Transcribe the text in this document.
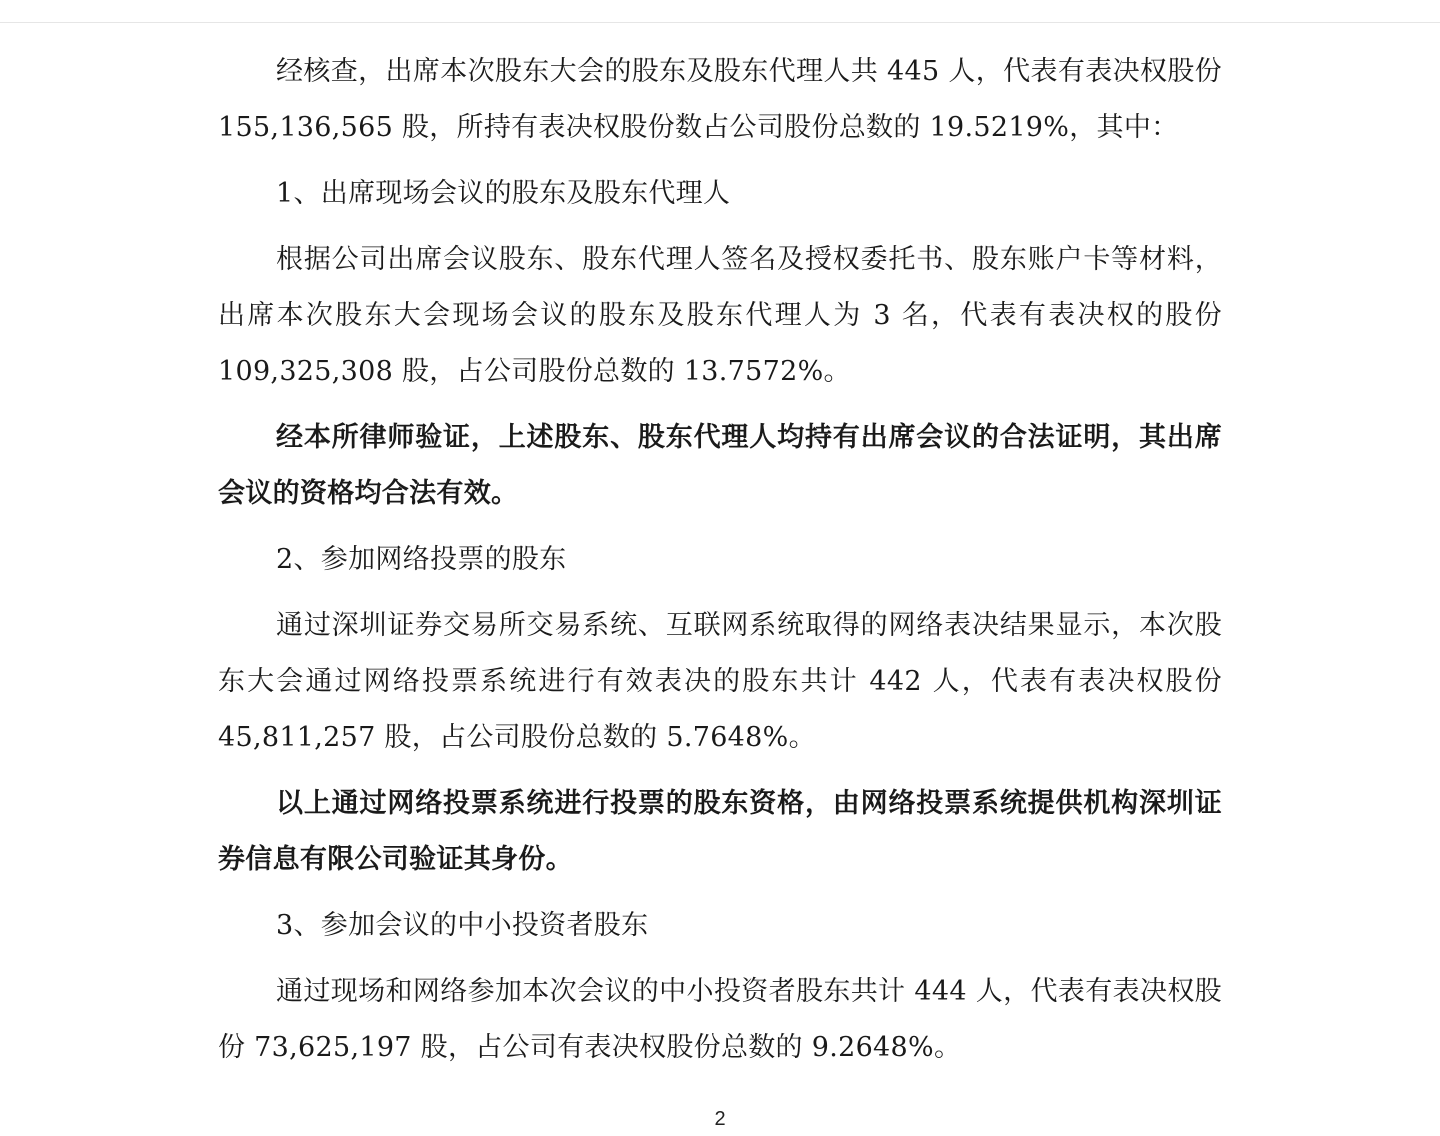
经核查，出席本次股东大会的股东及股东代理人共 445 人，代表有表决权股份 155,136,565 股，所持有表决权股份数占公司股份总数的 19.5219%，其中：

1、出席现场会议的股东及股东代理人

根据公司出席会议股东、股东代理人签名及授权委托书、股东账户卡等材料，出席本次股东大会现场会议的股东及股东代理人为 3 名，代表有表决权的股份 109,325,308 股，占公司股份总数的 13.7572%。

经本所律师验证，上述股东、股东代理人均持有出席会议的合法证明，其出席会议的资格均合法有效。

2、参加网络投票的股东

通过深圳证券交易所交易系统、互联网系统取得的网络表决结果显示，本次股东大会通过网络投票系统进行有效表决的股东共计 442 人，代表有表决权股份 45,811,257 股，占公司股份总数的 5.7648%。

以上通过网络投票系统进行投票的股东资格，由网络投票系统提供机构深圳证券信息有限公司验证其身份。

3、参加会议的中小投资者股东

通过现场和网络参加本次会议的中小投资者股东共计 444 人，代表有表决权股份 73,625,197 股，占公司有表决权股份总数的 9.2648%。

2
